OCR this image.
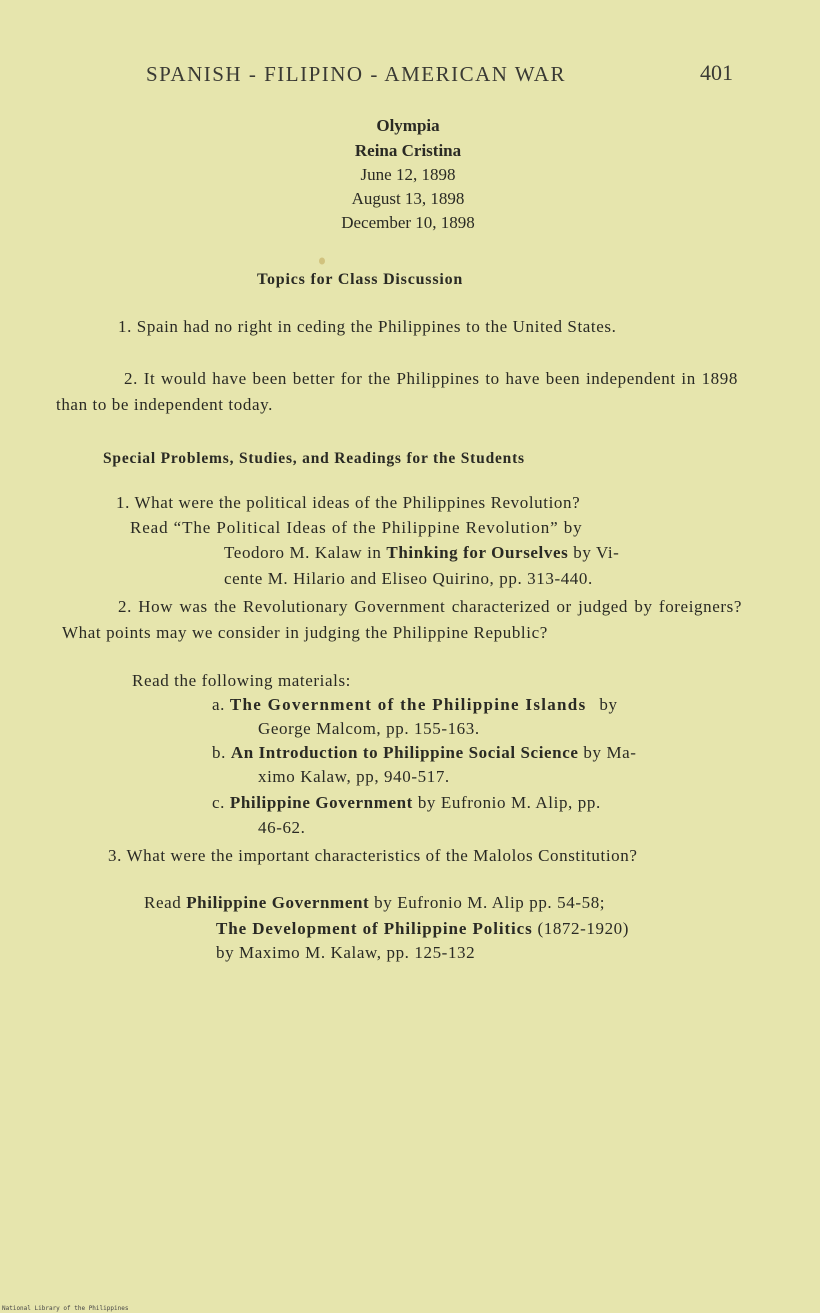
SPANISH - FILIPINO - AMERICAN WAR	401
Olympia
Reina Cristina
June 12, 1898
August 13, 1898
December 10, 1898
Topics for Class Discussion

1. Spain had no right in ceding the Philippines to the United States.

2. It would have been better for the Philippines to have been independent in 1898 than to be independent today.

Special Problems, Studies, and Readings for the Students
1. What were the political ideas of the Philippines Revolution?
Read “The Political Ideas of the Philippine Revolution” by
Teodoro M. Kalaw in Thinking for Ourselves by Vi-
cente M. Hilario and Eliseo Quirino, pp. 313-440.

2. How was the Revolutionary Government characterized or judged by foreigners? What points may we consider in judging the Philippine Republic?

Read the following materials:
a. The Government of the Philippine Islands by
George Malcom, pp. 155-163.
b. An Introduction to Philippine Social Science by Ma-
ximo Kalaw, pp, 940-517.
c. Philippine Government by Eufronio M. Alip, pp.
46-62.

3. What were the important characteristics of the Malolos Constitution?

Read Philippine Government by Eufronio M. Alip pp. 54-58;
The Development of Philippine Politics (1872-1920)
by Maximo M. Kalaw, pp. 125-132
National Library of the Philippines
